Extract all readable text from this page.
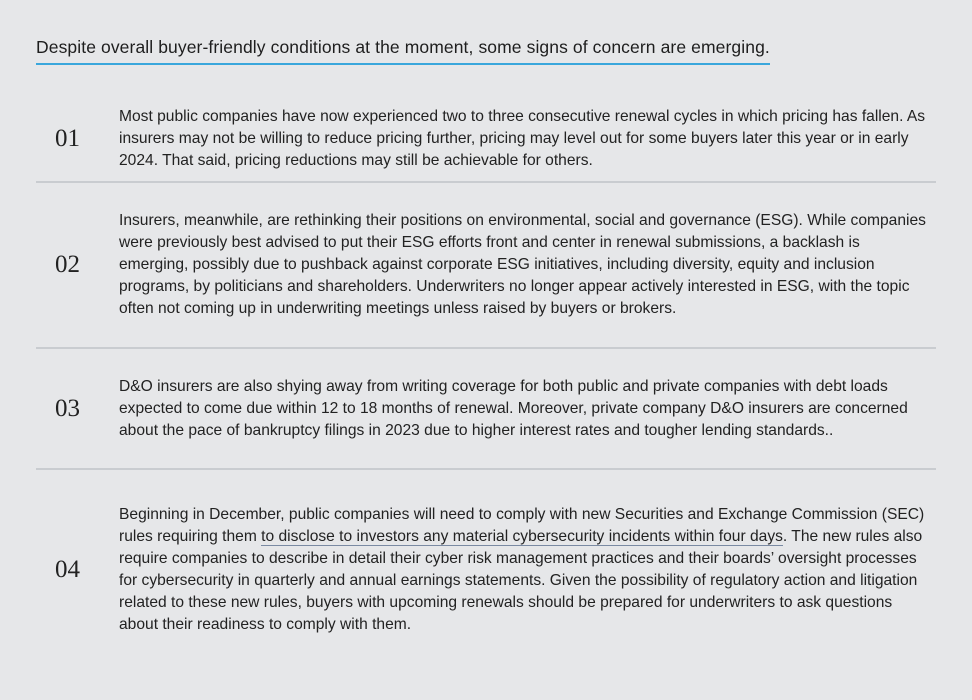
Despite overall buyer-friendly conditions at the moment, some signs of concern are emerging.
01
Most public companies have now experienced two to three consecutive renewal cycles in which pricing has fallen. As insurers may not be willing to reduce pricing further, pricing may level out for some buyers later this year or in early 2024. That said, pricing reductions may still be achievable for others.
02
Insurers, meanwhile, are rethinking their positions on environmental, social and governance (ESG). While companies were previously best advised to put their ESG efforts front and center in renewal submissions, a backlash is emerging, possibly due to pushback against corporate ESG initiatives, including diversity, equity and inclusion programs, by politicians and shareholders. Underwriters no longer appear actively interested in ESG, with the topic often not coming up in underwriting meetings unless raised by buyers or brokers.
03
D&O insurers are also shying away from writing coverage for both public and private companies with debt loads expected to come due within 12 to 18 months of renewal. Moreover, private company D&O insurers are concerned about the pace of bankruptcy filings in 2023 due to higher interest rates and tougher lending standards..
04
Beginning in December, public companies will need to comply with new Securities and Exchange Commission (SEC) rules requiring them to disclose to investors any material cybersecurity incidents within four days. The new rules also require companies to describe in detail their cyber risk management practices and their boards’ oversight processes for cybersecurity in quarterly and annual earnings statements. Given the possibility of regulatory action and litigation related to these new rules, buyers with upcoming renewals should be prepared for underwriters to ask questions about their readiness to comply with them.
